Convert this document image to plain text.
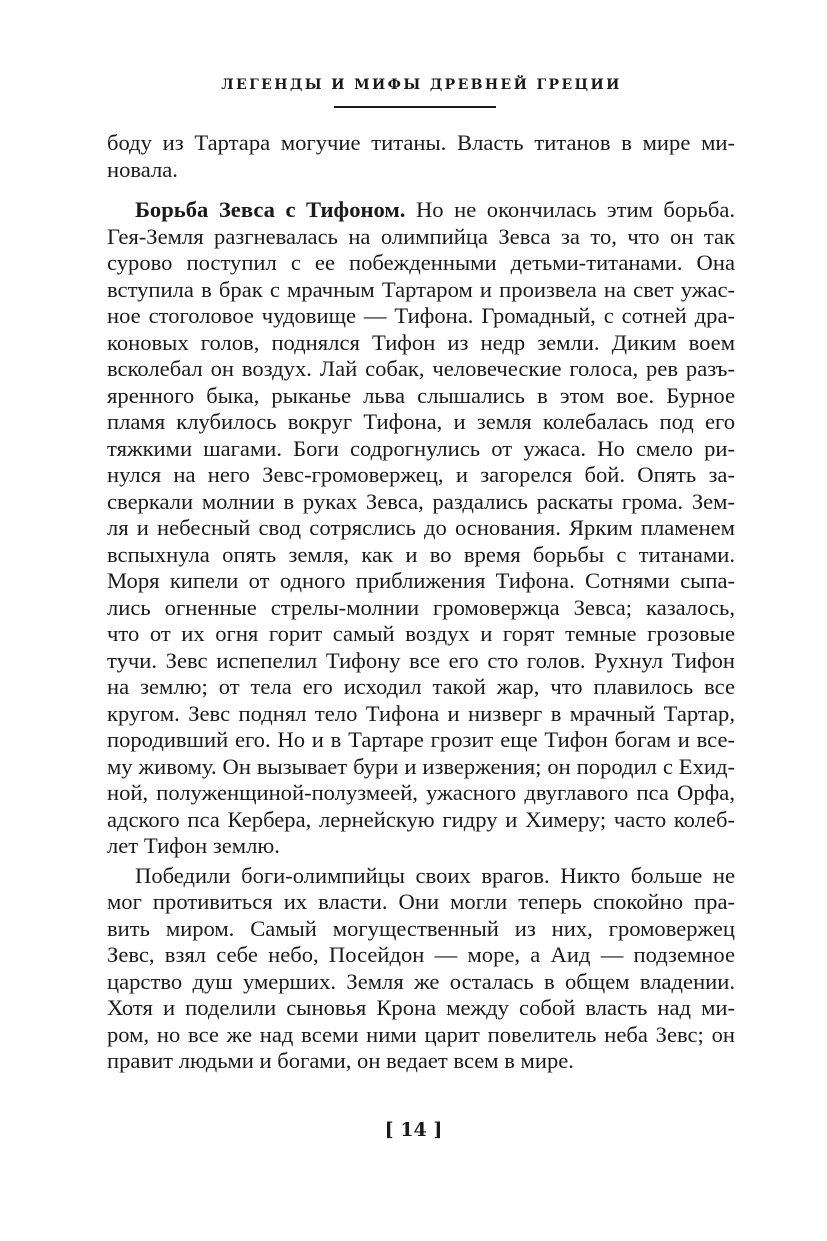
ЛЕГЕНДЫ И МИФЫ ДРЕВНЕЙ ГРЕЦИИ
боду из Тартара могучие титаны. Власть титанов в мире ми-
новала.
Борьба Зевса с Тифоном. Но не окончилась этим борьба.
Гея-Земля разгневалась на олимпийца Зевса за то, что он так
сурово поступил с ее побежденными детьми-титанами. Она
вступила в брак с мрачным Тартаром и произвела на свет ужас-
ное стоголовое чудовище — Тифона. Громадный, с сотней дра-
коновых голов, поднялся Тифон из недр земли. Диким воем
всколебал он воздух. Лай собак, человеческие голоса, рев разъ-
яренного быка, рыканье льва слышались в этом вое. Бурное
пламя клубилось вокруг Тифона, и земля колебалась под его
тяжкими шагами. Боги содрогнулись от ужаса. Но смело ри-
нулся на него Зевс-громовержец, и загорелся бой. Опять за-
сверкали молнии в руках Зевса, раздались раскаты грома. Зем-
ля и небесный свод сотряслись до основания. Ярким пламенем
вспыхнула опять земля, как и во время борьбы с титанами.
Моря кипели от одного приближения Тифона. Сотнями сыпа-
лись огненные стрелы-молнии громовержца Зевса; казалось,
что от их огня горит самый воздух и горят темные грозовые
тучи. Зевс испепелил Тифону все его сто голов. Рухнул Тифон
на землю; от тела его исходил такой жар, что плавилось все
кругом. Зевс поднял тело Тифона и низверг в мрачный Тартар,
породивший его. Но и в Тартаре грозит еще Тифон богам и все-
му живому. Он вызывает бури и извержения; он породил с Ехид-
ной, полуженщиной-полузмеей, ужасного двуглавого пса Орфа,
адского пса Кербера, лернейскую гидру и Химеру; часто колеб-
лет Тифон землю.
Победили боги-олимпийцы своих врагов. Никто больше не
мог противиться их власти. Они могли теперь спокойно пра-
вить миром. Самый могущественный из них, громовержец
Зевс, взял себе небо, Посейдон — море, а Аид — подземное
царство душ умерших. Земля же осталась в общем владении.
Хотя и поделили сыновья Крона между собой власть над ми-
ром, но все же над всеми ними царит повелитель неба Зевс; он
правит людьми и богами, он ведает всем в мире.
[ 14 ]
